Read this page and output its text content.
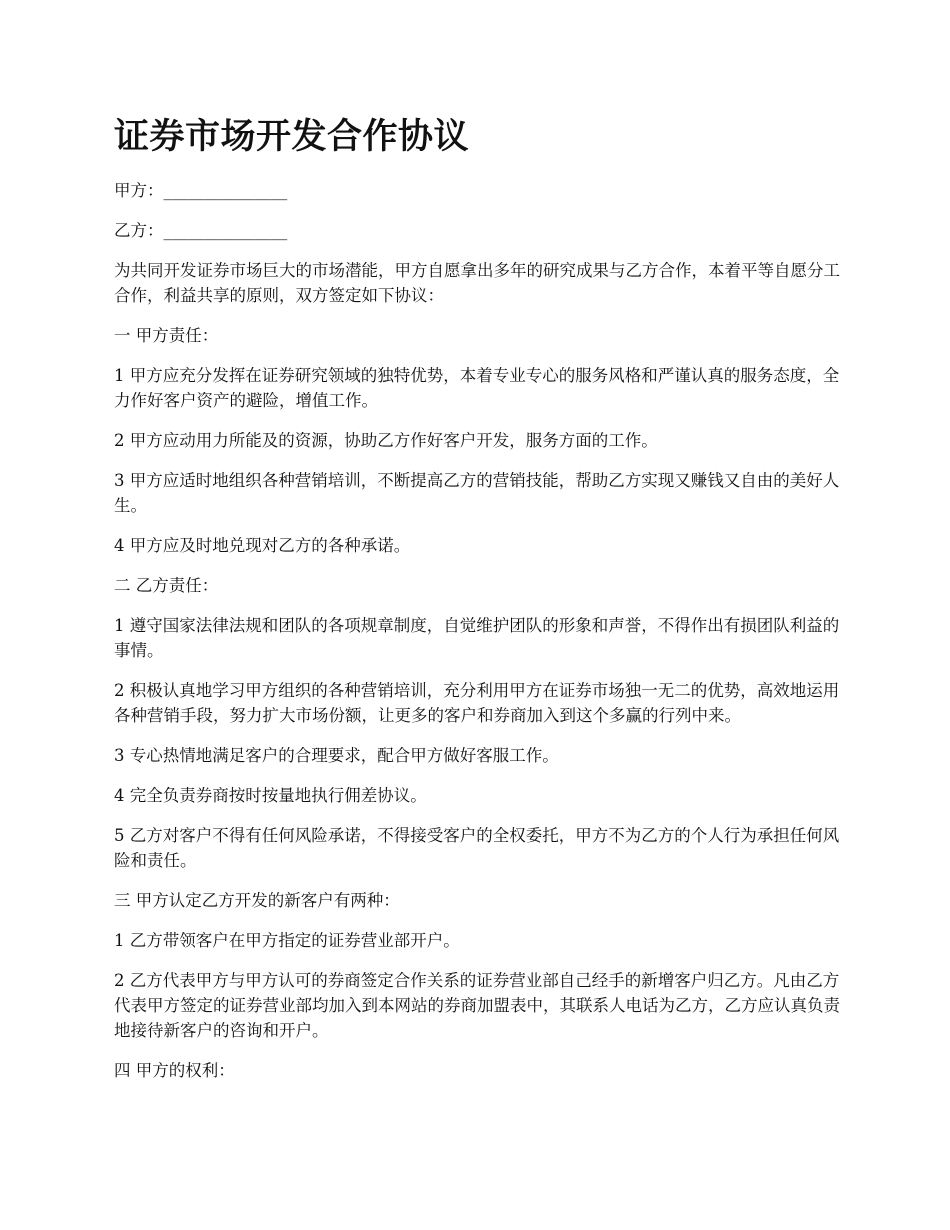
证券市场开发合作协议

甲方：_______________

乙方：_______________

为共同开发证券市场巨大的市场潜能，甲方自愿拿出多年的研究成果与乙方合作，本着平等自愿分工合作，利益共享的原则，双方签定如下协议：

一 甲方责任：

1 甲方应充分发挥在证券研究领域的独特优势，本着专业专心的服务风格和严谨认真的服务态度，全力作好客户资产的避险，增值工作。

2 甲方应动用力所能及的资源，协助乙方作好客户开发，服务方面的工作。

3 甲方应适时地组织各种营销培训，不断提高乙方的营销技能，帮助乙方实现又赚钱又自由的美好人生。

4 甲方应及时地兑现对乙方的各种承诺。

二 乙方责任：

1 遵守国家法律法规和团队的各项规章制度，自觉维护团队的形象和声誉，不得作出有损团队利益的事情。

2 积极认真地学习甲方组织的各种营销培训，充分利用甲方在证券市场独一无二的优势，高效地运用各种营销手段，努力扩大市场份额，让更多的客户和券商加入到这个多赢的行列中来。

3 专心热情地满足客户的合理要求，配合甲方做好客服工作。

4 完全负责券商按时按量地执行佣差协议。

5 乙方对客户不得有任何风险承诺，不得接受客户的全权委托，甲方不为乙方的个人行为承担任何风险和责任。

三 甲方认定乙方开发的新客户有两种：

1 乙方带领客户在甲方指定的证券营业部开户。

2 乙方代表甲方与甲方认可的券商签定合作关系的证券营业部自己经手的新增客户归乙方。凡由乙方代表甲方签定的证券营业部均加入到本网站的券商加盟表中，其联系人电话为乙方，乙方应认真负责地接待新客户的咨询和开户。

四 甲方的权利：
